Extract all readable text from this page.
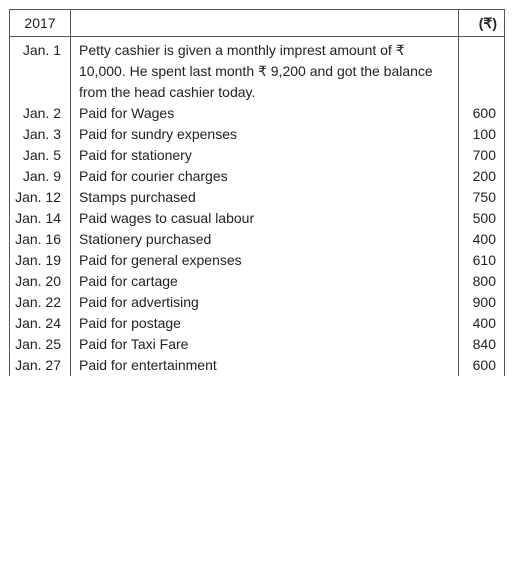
2017		(₹)
Jan. 1	Petty cashier is given a monthly imprest amount of ₹ 10,000. He spent last month ₹ 9,200 and got the balance from the head cashier today.	
Jan. 2	Paid for Wages	600
Jan. 3	Paid for sundry expenses	100
Jan. 5	Paid for stationery	700
Jan. 9	Paid for courier charges	200
Jan. 12	Stamps purchased	750
Jan. 14	Paid wages to casual labour	500
Jan. 16	Stationery purchased	400
Jan. 19	Paid for general expenses	610
Jan. 20	Paid for cartage	800
Jan. 22	Paid for advertising	900
Jan. 24	Paid for postage	400
Jan. 25	Paid for Taxi Fare	840
Jan. 27	Paid for entertainment	600
